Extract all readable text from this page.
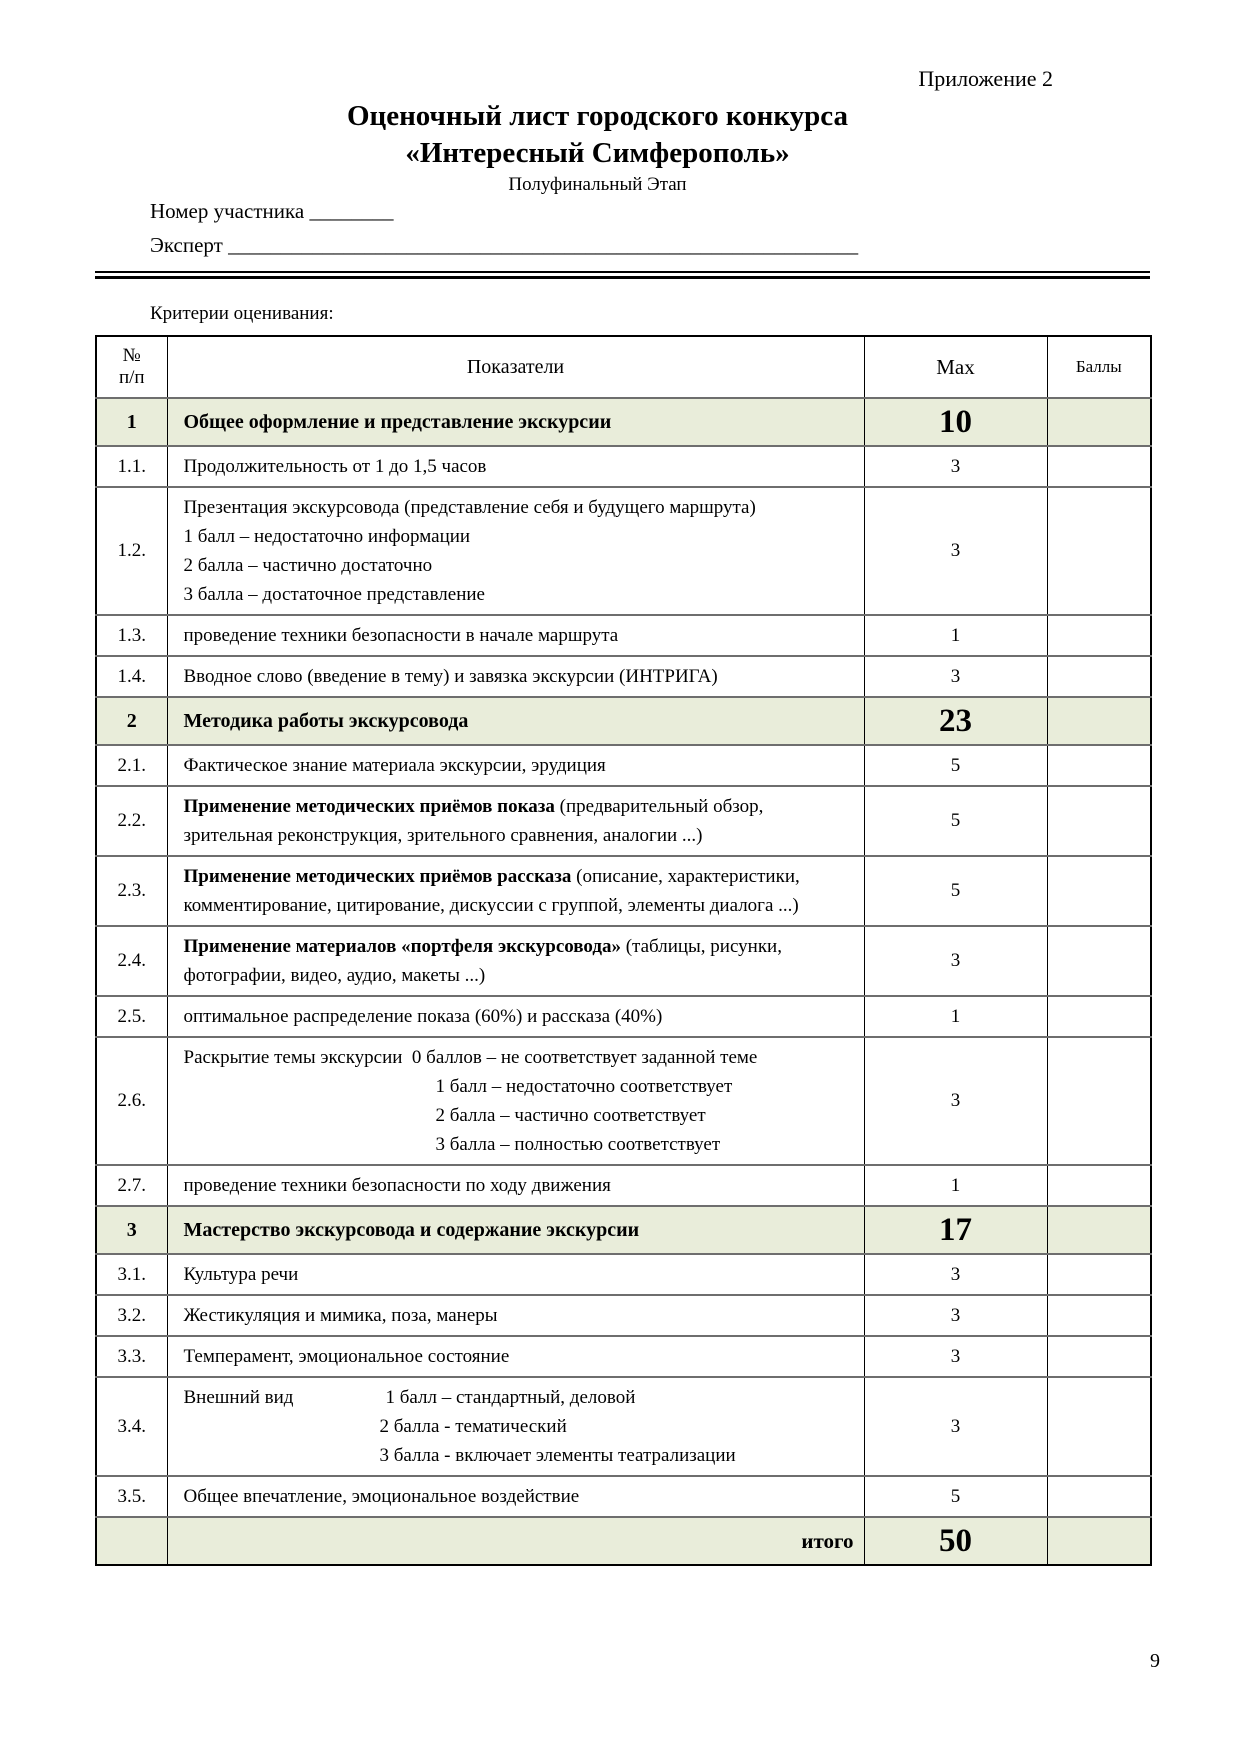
Приложение 2
Оценочный лист городского конкурса
«Интересный Симферополь»
Полуфинальный Этап
Номер участника ________
Эксперт ____________________________________________________________
Критерии оценивания:
№
п/п	Показатели	Max	Баллы
1	Общее оформление и представление экскурсии	10	
1.1.	Продолжительность от 1 до 1,5 часов	3	
1.2.	Презентация экскурсовода (представление себя и будущего маршрута)
1 балл – недостаточно информации
2 балла – частично достаточно
3 балла – достаточное представление	3	
1.3.	проведение техники безопасности в начале маршрута	1	
1.4.	Вводное слово (введение в тему) и завязка экскурсии (ИНТРИГА)	3	
2	Методика работы экскурсовода	23	
2.1.	Фактическое знание материала экскурсии, эрудиция	5	
2.2.	Применение методических приёмов показа (предварительный обзор,  зрительная реконструкция, зрительного сравнения, аналогии ...)	5	
2.3.	Применение методических приёмов рассказа (описание, характеристики, комментирование, цитирование, дискуссии с группой, элементы диалога ...)	5	
2.4.	Применение материалов «портфеля экскурсовода» (таблицы, рисунки, фотографии, видео, аудио, макеты ...)	3	
2.5.	оптимальное распределение показа (60%) и рассказа (40%)	1	
2.6.	Раскрытие темы экскурсии  0 баллов – не соответствует заданной теме
1 балл – недостаточно соответствует
2 балла – частично соответствует
3 балла – полностью соответствует	3	
2.7.	проведение техники безопасности по ходу движения	1	
3	Мастерство экскурсовода и содержание экскурсии	17	
3.1.	Культура речи	3	
3.2.	Жестикуляция и мимика, поза, манеры	3	
3.3.	Темперамент, эмоциональное состояние	3	
3.4.	Внешний вид 1 балл – стандартный, деловой
2 балла - тематический
3 балла - включает элементы театрализации	3	
3.5.	Общее впечатление, эмоциональное воздействие	5	
	итого	50	
9
